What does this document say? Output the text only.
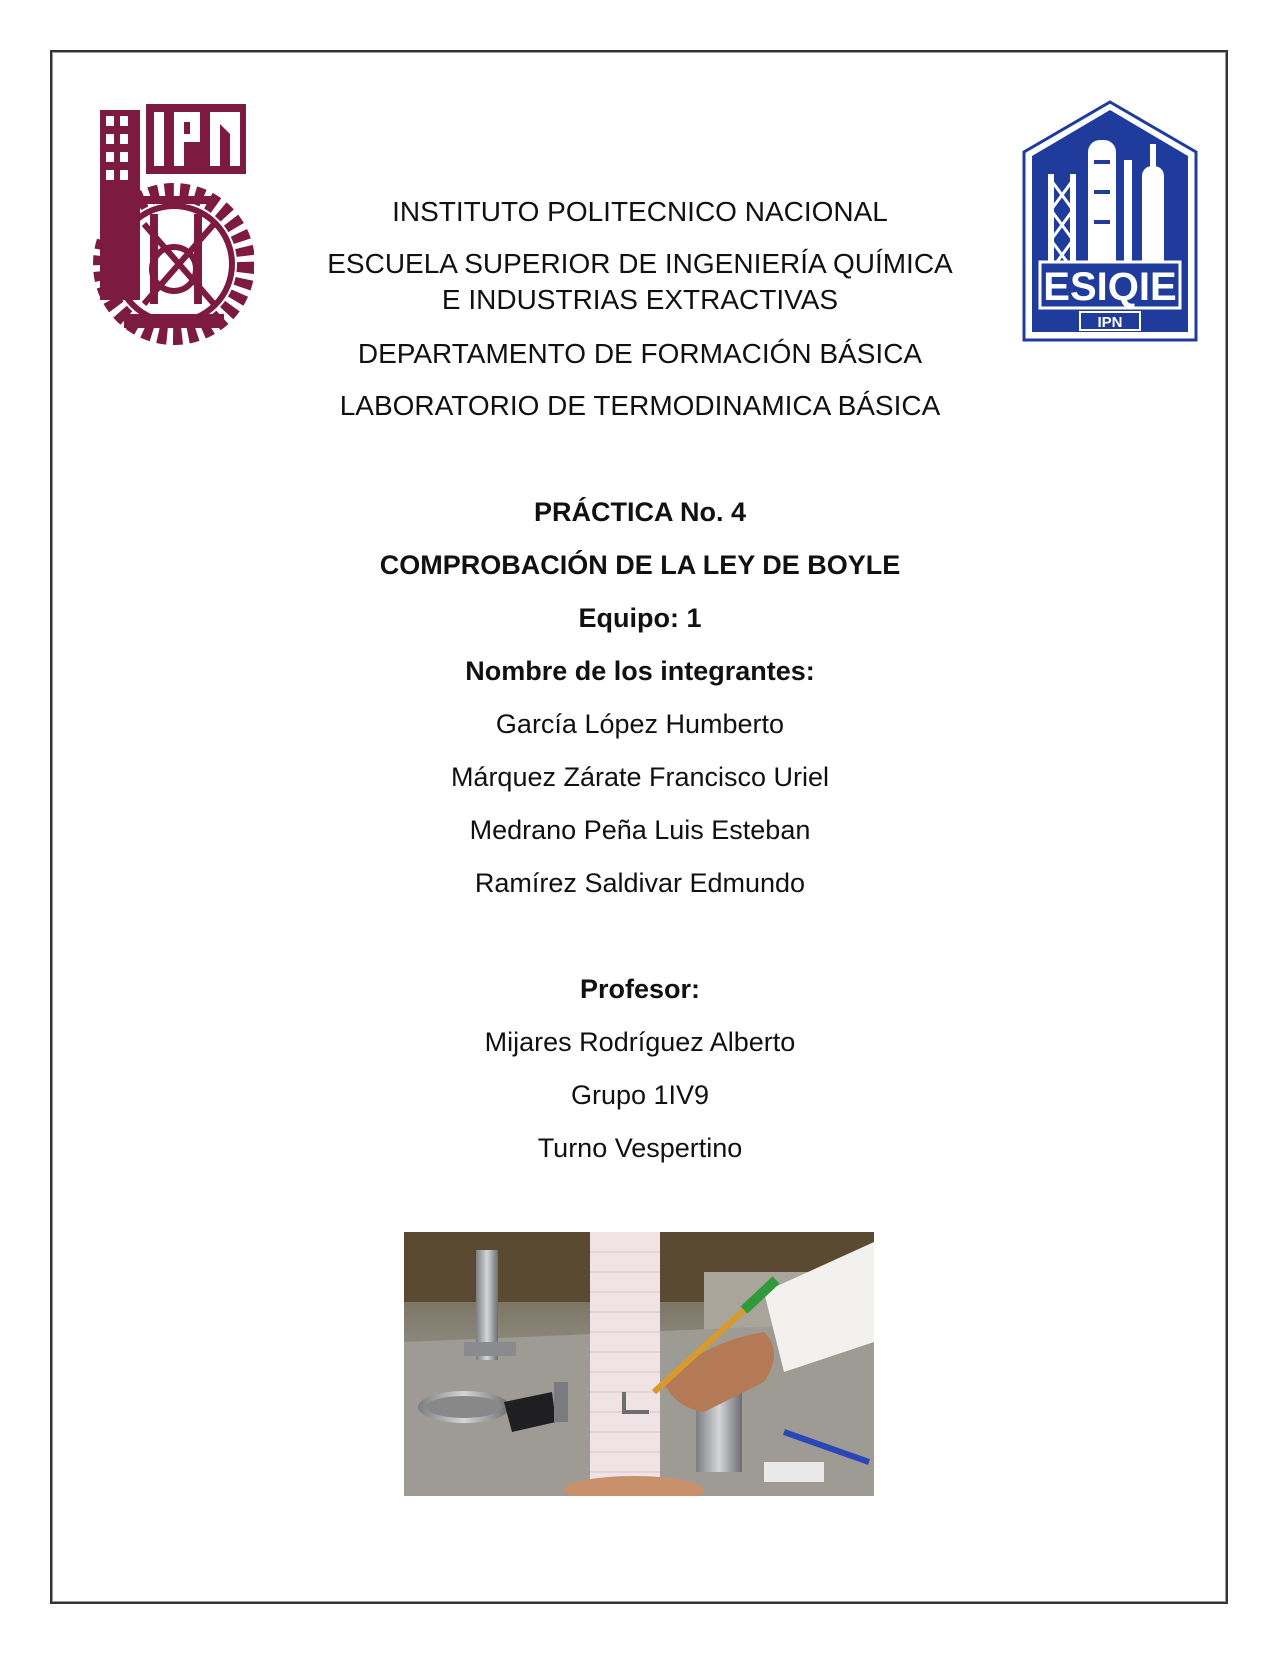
ESIQIE
IPN
INSTITUTO POLITECNICO NACIONAL
ESCUELA SUPERIOR DE INGENIERÍA QUÍMICA
E INDUSTRIAS EXTRACTIVAS
DEPARTAMENTO DE FORMACIÓN BÁSICA
LABORATORIO DE TERMODINAMICA BÁSICA
PRÁCTICA No. 4
COMPROBACIÓN DE LA LEY DE BOYLE
Equipo: 1
Nombre de los integrantes:
García López Humberto
Márquez Zárate Francisco Uriel
Medrano Peña Luis Esteban
Ramírez Saldivar Edmundo
Profesor:
Mijares Rodríguez Alberto
Grupo 1IV9
Turno Vespertino
